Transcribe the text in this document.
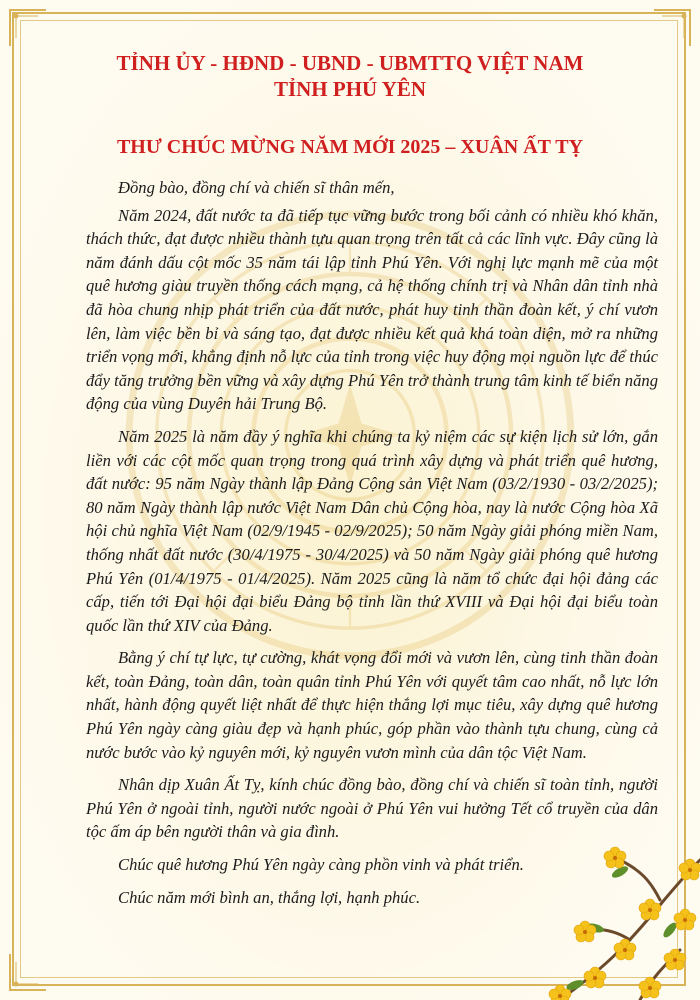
TỈNH ỦY - HĐND - UBND - UBMTTQ VIỆT NAM
TỈNH PHÚ YÊN
THƯ CHÚC MỪNG NĂM MỚI 2025 – XUÂN ẤT TỴ

Đồng bào, đồng chí và chiến sĩ thân mến,

Năm 2024, đất nước ta đã tiếp tục vững bước trong bối cảnh có nhiều khó khăn, thách thức, đạt được nhiều thành tựu quan trọng trên tất cả các lĩnh vực. Đây cũng là năm đánh dấu cột mốc 35 năm tái lập tỉnh Phú Yên. Với nghị lực mạnh mẽ của một quê hương giàu truyền thống cách mạng, cả hệ thống chính trị và Nhân dân tỉnh nhà đã hòa chung nhịp phát triển của đất nước, phát huy tinh thần đoàn kết, ý chí vươn lên, làm việc bền bỉ và sáng tạo, đạt được nhiều kết quả khá toàn diện, mở ra những triển vọng mới, khẳng định nỗ lực của tỉnh trong việc huy động mọi nguồn lực để thúc đẩy tăng trưởng bền vững và xây dựng Phú Yên trở thành trung tâm kinh tế biển năng động của vùng Duyên hải Trung Bộ.

Năm 2025 là năm đầy ý nghĩa khi chúng ta kỷ niệm các sự kiện lịch sử lớn, gắn liền với các cột mốc quan trọng trong quá trình xây dựng và phát triển quê hương, đất nước: 95 năm Ngày thành lập Đảng Cộng sản Việt Nam (03/2/1930 - 03/2/2025); 80 năm Ngày thành lập nước Việt Nam Dân chủ Cộng hòa, nay là nước Cộng hòa Xã hội chủ nghĩa Việt Nam (02/9/1945 - 02/9/2025); 50 năm Ngày giải phóng miền Nam, thống nhất đất nước (30/4/1975 - 30/4/2025) và 50 năm Ngày giải phóng quê hương Phú Yên (01/4/1975 - 01/4/2025). Năm 2025 cũng là năm tổ chức đại hội đảng các cấp, tiến tới Đại hội đại biểu Đảng bộ tỉnh lần thứ XVIII và Đại hội đại biểu toàn quốc lần thứ XIV của Đảng.

Bằng ý chí tự lực, tự cường, khát vọng đổi mới và vươn lên, cùng tinh thần đoàn kết, toàn Đảng, toàn dân, toàn quân tỉnh Phú Yên với quyết tâm cao nhất, nỗ lực lớn nhất, hành động quyết liệt nhất để thực hiện thắng lợi mục tiêu, xây dựng quê hương Phú Yên ngày càng giàu đẹp và hạnh phúc, góp phần vào thành tựu chung, cùng cả nước bước vào kỷ nguyên mới, kỷ nguyên vươn mình của dân tộc Việt Nam.

Nhân dịp Xuân Ất Tỵ, kính chúc đồng bào, đồng chí và chiến sĩ toàn tỉnh, người Phú Yên ở ngoài tỉnh, người nước ngoài ở Phú Yên vui hưởng Tết cổ truyền của dân tộc ấm áp bên người thân và gia đình.

Chúc quê hương Phú Yên ngày càng phồn vinh và phát triển.

Chúc năm mới bình an, thắng lợi, hạnh phúc.
